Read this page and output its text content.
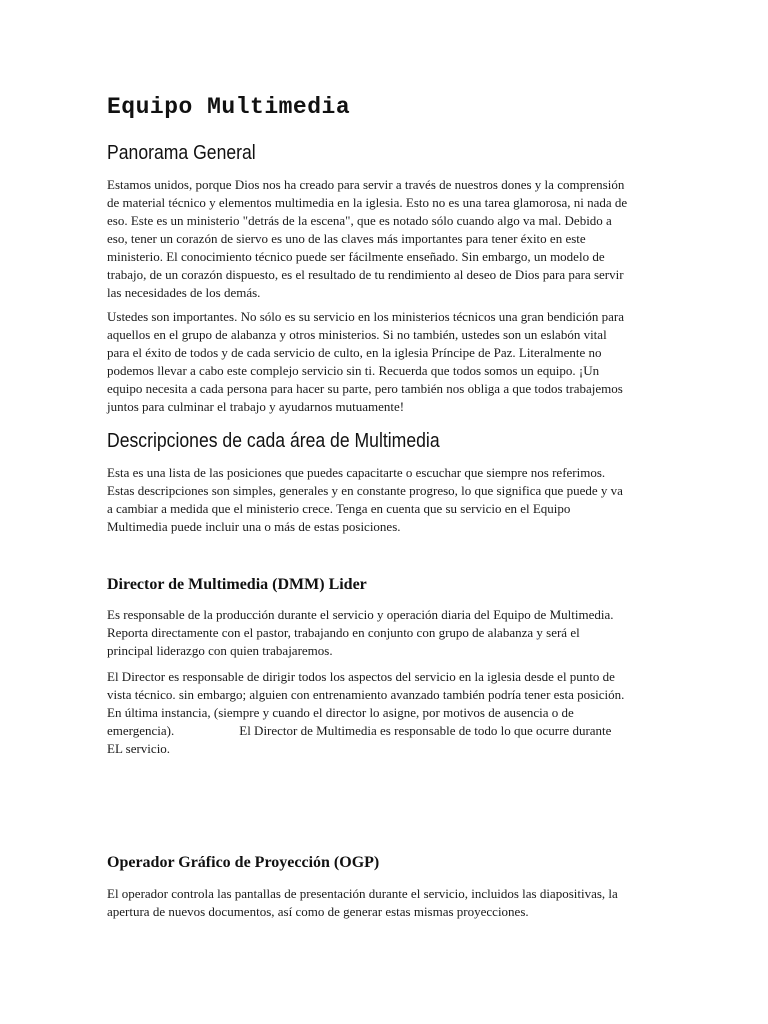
Equipo Multimedia
Panorama General
Estamos unidos, porque Dios nos ha creado para servir a través de nuestros dones y la comprensión
de material técnico y elementos multimedia en la iglesia. Esto no es una tarea glamorosa, ni nada de
eso. Este es un ministerio "detrás de la escena", que es notado sólo cuando algo va mal. Debido a
eso, tener un corazón de siervo es uno de las claves más importantes para tener éxito en este
ministerio. El conocimiento técnico puede ser fácilmente enseñado. Sin embargo, un modelo de
trabajo, de un corazón dispuesto, es el resultado de tu rendimiento al deseo de Dios para para servir
las necesidades de los demás.
Ustedes son importantes. No sólo es su servicio en los ministerios técnicos una gran bendición para
aquellos en el grupo de alabanza y otros ministerios. Si no también, ustedes son un eslabón vital
para el éxito de todos y de cada servicio de culto, en la iglesia Príncipe de Paz. Literalmente no
podemos llevar a cabo este complejo servicio sin ti. Recuerda que todos somos un equipo. ¡Un
equipo necesita a cada persona para hacer su parte, pero también nos obliga a que todos trabajemos
juntos para culminar el trabajo y ayudarnos mutuamente!
Descripciones de cada área de Multimedia
Esta es una lista de las posiciones que puedes capacitarte o escuchar que siempre nos referimos.
Estas descripciones son simples, generales y en constante progreso, lo que significa que puede y va
a cambiar a medida que el ministerio crece. Tenga en cuenta que su servicio en el Equipo
Multimedia puede incluir una o más de estas posiciones.
Director de Multimedia (DMM) Lider
Es responsable de la producción durante el servicio y operación diaria del Equipo de Multimedia.
Reporta directamente con el pastor, trabajando en conjunto con grupo de alabanza y será el
principal liderazgo con quien trabajaremos.
El Director es responsable de dirigir todos los aspectos del servicio en la iglesia desde el punto de
vista técnico. sin embargo; alguien con entrenamiento avanzado también podría tener esta posición.
En última instancia, (siempre y cuando el director lo asigne, por motivos de ausencia o de
emergencia).                    El Director de Multimedia es responsable de todo lo que ocurre durante
EL servicio.
Operador Gráfico de Proyección (OGP)
El operador controla las pantallas de presentación durante el servicio, incluidos las diapositivas, la
apertura de nuevos documentos, así como de generar estas mismas proyecciones.
